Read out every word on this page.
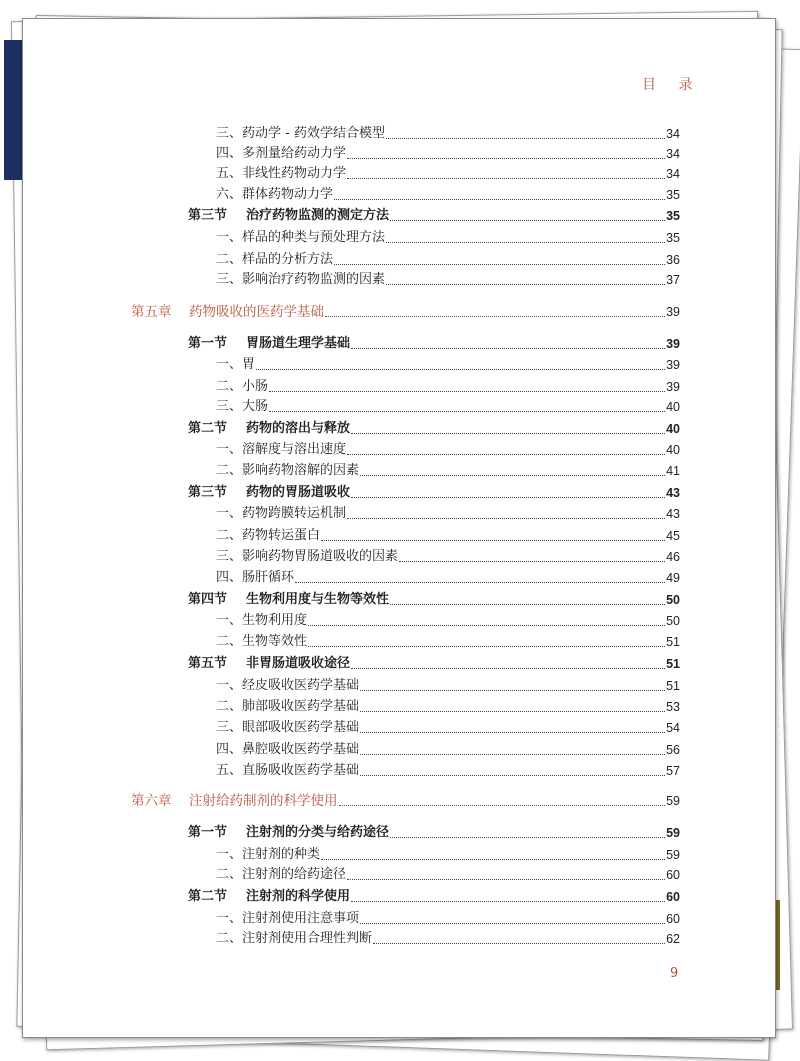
目 录
三、药动学 - 药效学结合模型	34
四、多剂量给药动力学	34
五、非线性药物动力学	34
六、群体药物动力学	35
第三节 治疗药物监测的测定方法	35
一、样品的种类与预处理方法	35
二、样品的分析方法	36
三、影响治疗药物监测的因素	37
第五章 药物吸收的医药学基础	39
第一节 胃肠道生理学基础	39
一、胃	39
二、小肠	39
三、大肠	40
第二节 药物的溶出与释放	40
一、溶解度与溶出速度	40
二、影响药物溶解的因素	41
第三节 药物的胃肠道吸收	43
一、药物跨膜转运机制	43
二、药物转运蛋白	45
三、影响药物胃肠道吸收的因素	46
四、肠肝循环	49
第四节 生物利用度与生物等效性	50
一、生物利用度	50
二、生物等效性	51
第五节 非胃肠道吸收途径	51
一、经皮吸收医药学基础	51
二、肺部吸收医药学基础	53
三、眼部吸收医药学基础	54
四、鼻腔吸收医药学基础	56
五、直肠吸收医药学基础	57
第六章 注射给药制剂的科学使用	59
第一节 注射剂的分类与给药途径	59
一、注射剂的种类	59
二、注射剂的给药途径	60
第二节 注射剂的科学使用	60
一、注射剂使用注意事项	60
二、注射剂使用合理性判断	62
9
